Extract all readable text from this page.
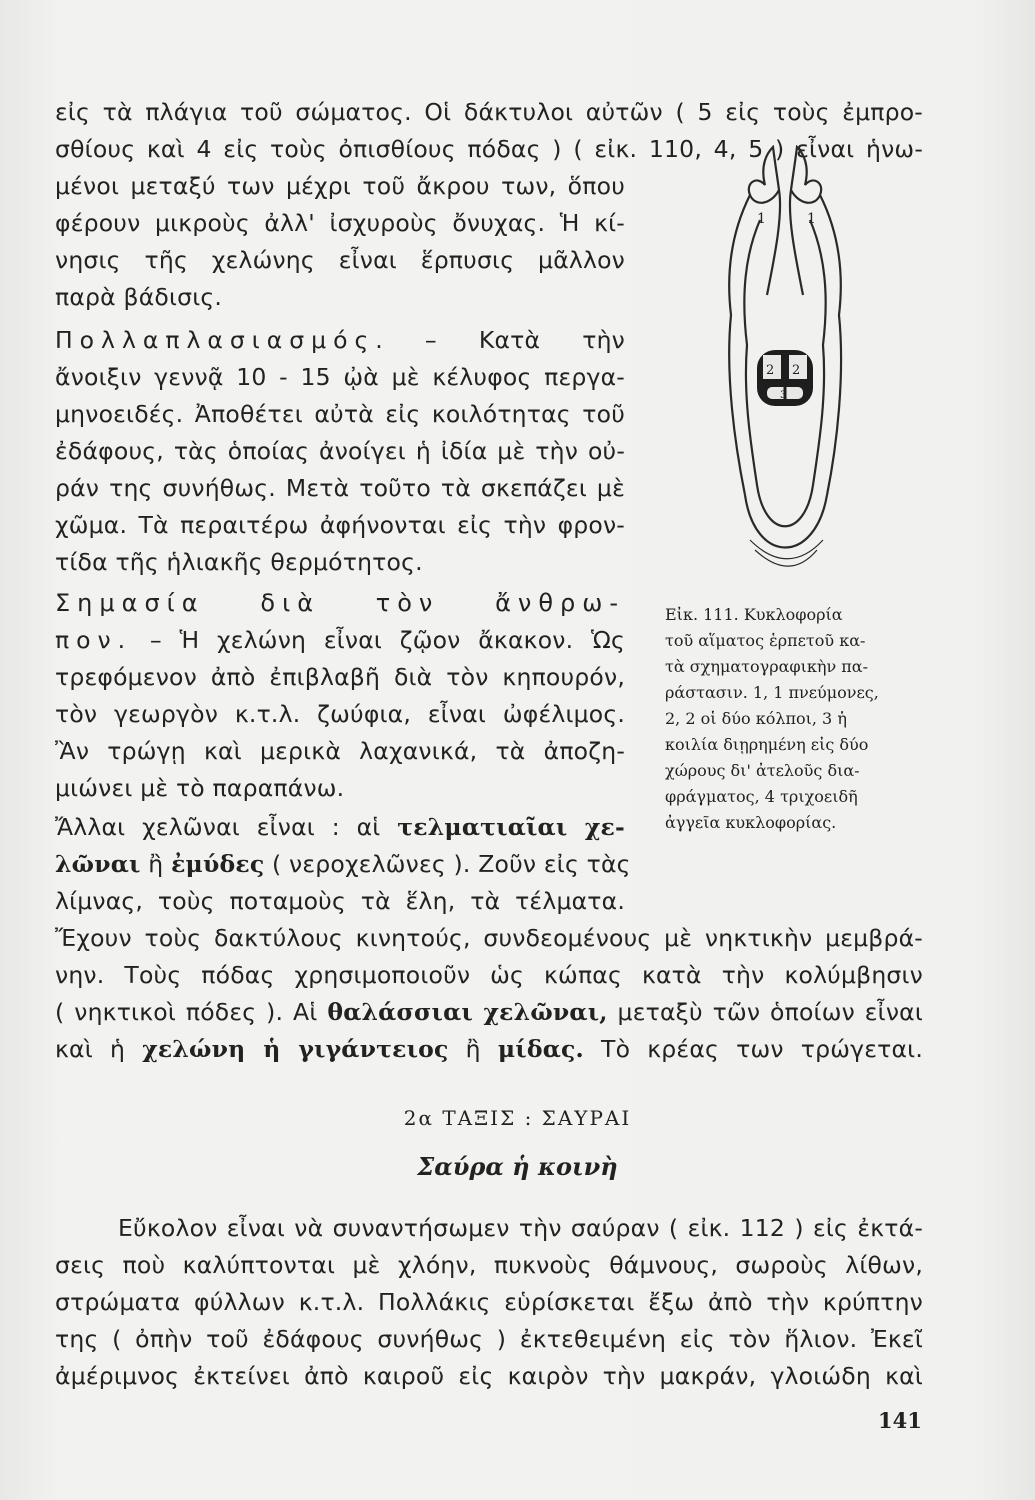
εἰς τὰ πλάγια τοῦ σώματος. Οἱ δάκτυλοι αὐτῶν ( 5 εἰς τοὺς ἐμπρο-
σθίους καὶ 4 εἰς τοὺς ὀπισθίους πόδας ) ( εἰκ. 110, 4, 5 ) εἶναι ἡνω-
μένοι μεταξύ των μέχρι τοῦ ἄκρου των, ὅπου
φέρουν μικροὺς ἀλλ' ἰσχυροὺς ὄνυχας. Ἡ κί-
νησις τῆς χελώνης εἶναι ἕρπυσις μᾶλλον
παρὰ βάδισις.
Πολλαπλασιασμός. – Κατὰ τὴν
ἄνοιξιν γεννᾷ 10 - 15 ᾠὰ μὲ κέλυφος περγα-
μηνοειδές. Ἀποθέτει αὐτὰ εἰς κοιλότητας τοῦ
ἐδάφους, τὰς ὁποίας ἀνοίγει ἡ ἰδία μὲ τὴν οὐ-
ράν της συνήθως. Μετὰ τοῦτο τὰ σκεπάζει μὲ
χῶμα. Τὰ περαιτέρω ἀφήνονται εἰς τὴν φρον-
τίδα τῆς ἡλιακῆς θερμότητος.
Σημασία διὰ τὸν ἄνθρω-
πον. – Ἡ χελώνη εἶναι ζῷον ἄκακον. Ὡς
τρεφόμενον ἀπὸ ἐπιβλαβῆ διὰ τὸν κηπουρόν,
τὸν γεωργὸν κ.τ.λ. ζωύφια, εἶναι ὠφέλιμος.
Ἂν τρώγῃ καὶ μερικὰ λαχανικά, τὰ ἀποζη-
μιώνει μὲ τὸ παραπάνω.
Ἄλλαι χελῶναι εἶναι : αἱ τελματιαῖαι χε-
λῶναι ἢ ἐμύδες ( νεροχελῶνες ). Ζοῦν εἰς τὰς
λίμνας, τοὺς ποταμοὺς τὰ ἕλη, τὰ τέλματα.
Ἔχουν τοὺς δακτύλους κινητούς, συνδεομένους μὲ νηκτικὴν μεμβρά-
νην. Τοὺς πόδας χρησιμοποιοῦν ὡς κώπας κατὰ τὴν κολύμβησιν
( νηκτικοὶ πόδες ). Αἱ θαλάσσιαι χελῶναι, μεταξὺ τῶν ὁποίων εἶναι
καὶ ἡ χελώνη ἡ γιγάντειος ἢ μίδας. Τὸ κρέας των τρώγεται.
2α ΤΑΞΙΣ : ΣΑΥΡΑΙ
Σαύρα ἡ κοινὴ
Εὔκολον εἶναι νὰ συναντήσωμεν τὴν σαύραν ( εἰκ. 112 ) εἰς ἐκτά-
σεις ποὺ καλύπτονται μὲ χλόην, πυκνοὺς θάμνους, σωροὺς λίθων,
στρώματα φύλλων κ.τ.λ. Πολλάκις εὑρίσκεται ἔξω ἀπὸ τὴν κρύπτην
της ( ὀπὴν τοῦ ἐδάφους συνήθως ) ἐκτεθειμένη εἰς τὸν ἥλιον. Ἐκεῖ
ἀμέριμνος ἐκτείνει ἀπὸ καιροῦ εἰς καιρὸν τὴν μακράν, γλοιώδη καὶ
141
1	1
2 2
3
Εἰκ. 111. Κυκλοφορία
τοῦ αἵματος ἑρπετοῦ κα-
τὰ σχηματογραφικὴν πα-
ράστασιν. 1, 1 πνεύμονες,
2, 2 οἱ δύο κόλποι, 3 ἡ
κοιλία διῃρημένη εἰς δύο
χώρους δι' ἀτελοῦς δια-
φράγματος, 4 τριχοειδῆ
ἀγγεῖα κυκλοφορίας.
